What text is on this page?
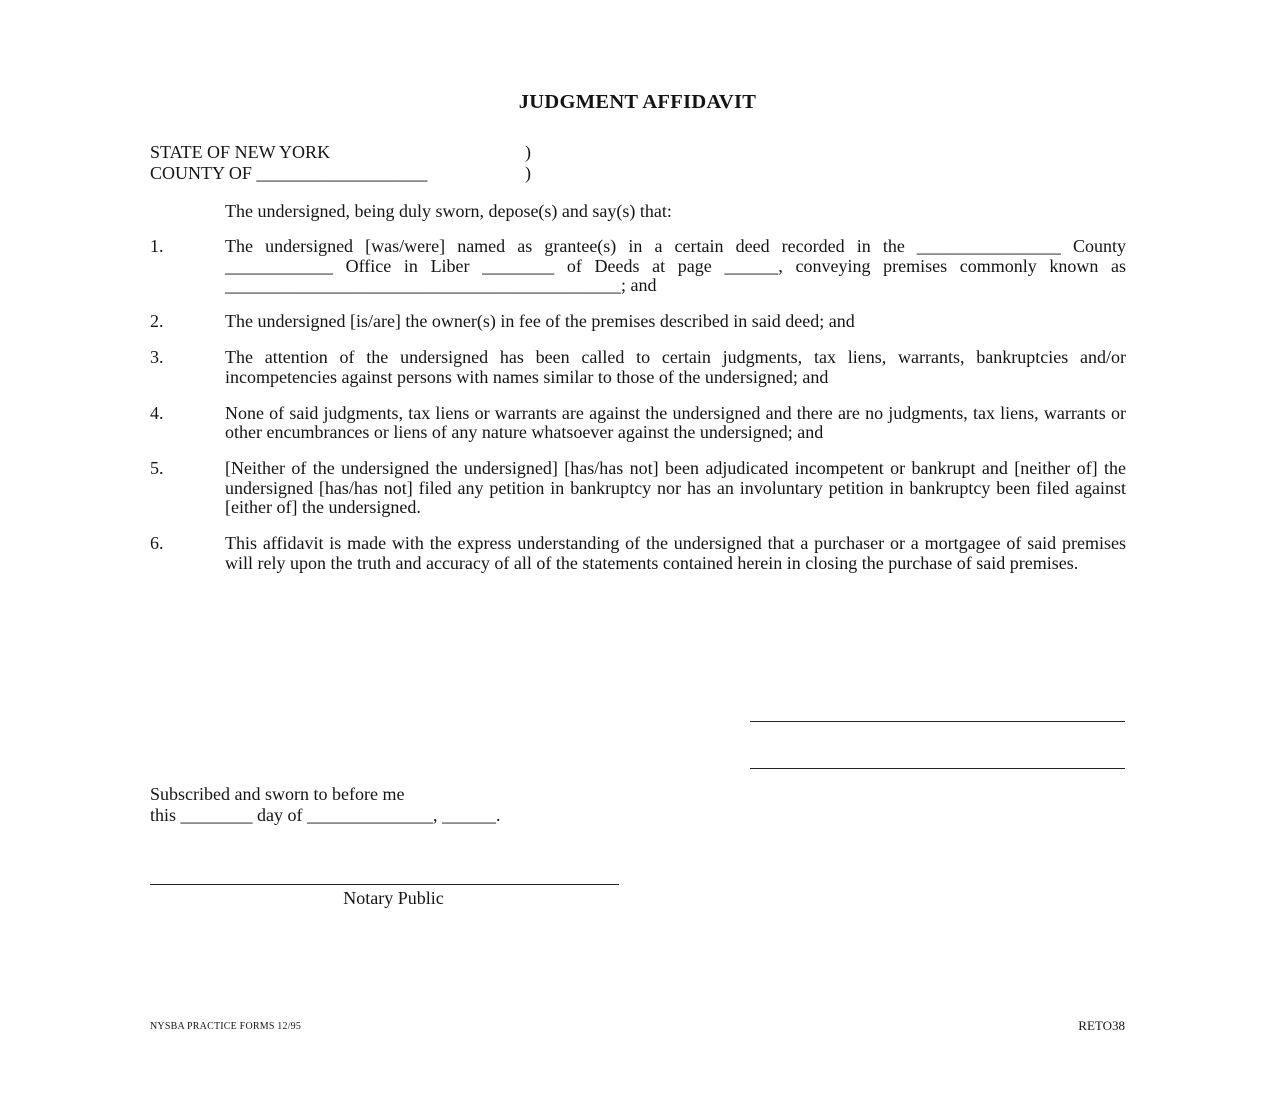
JUDGMENT AFFIDAVIT
STATE OF NEW YORK	)
COUNTY OF ___________________	)
The undersigned, being duly sworn, depose(s) and say(s) that:
1.	The undersigned [was/were] named as grantee(s) in a certain deed recorded in the ________________ County ____________ Office in Liber ________ of Deeds at page ______, conveying premises commonly known as ____________________________________________; and
2.	The undersigned [is/are] the owner(s) in fee of the premises described in said deed; and
3.	The attention of the undersigned has been called to certain judgments, tax liens, warrants, bankruptcies and/or incompetencies against persons with names similar to those of the undersigned; and
4.	None of said judgments, tax liens or warrants are against the undersigned and there are no judgments, tax liens, warrants or other encumbrances or liens of any nature whatsoever against the undersigned; and
5.	[Neither of the undersigned the undersigned] [has/has not] been adjudicated incompetent or bankrupt and [neither of] the undersigned [has/has not] filed any petition in bankruptcy nor has an involuntary petition in bankruptcy been filed against [either of] the undersigned.
6.	This affidavit is made with the express understanding of the undersigned that a purchaser or a mortgagee of said premises will rely upon the truth and accuracy of all of the statements contained herein in closing the purchase of said premises.
Subscribed and sworn to before me
this ________ day of ______________, ______.
Notary Public
NYSBA PRACTICE FORMS 12/95	RETO38
